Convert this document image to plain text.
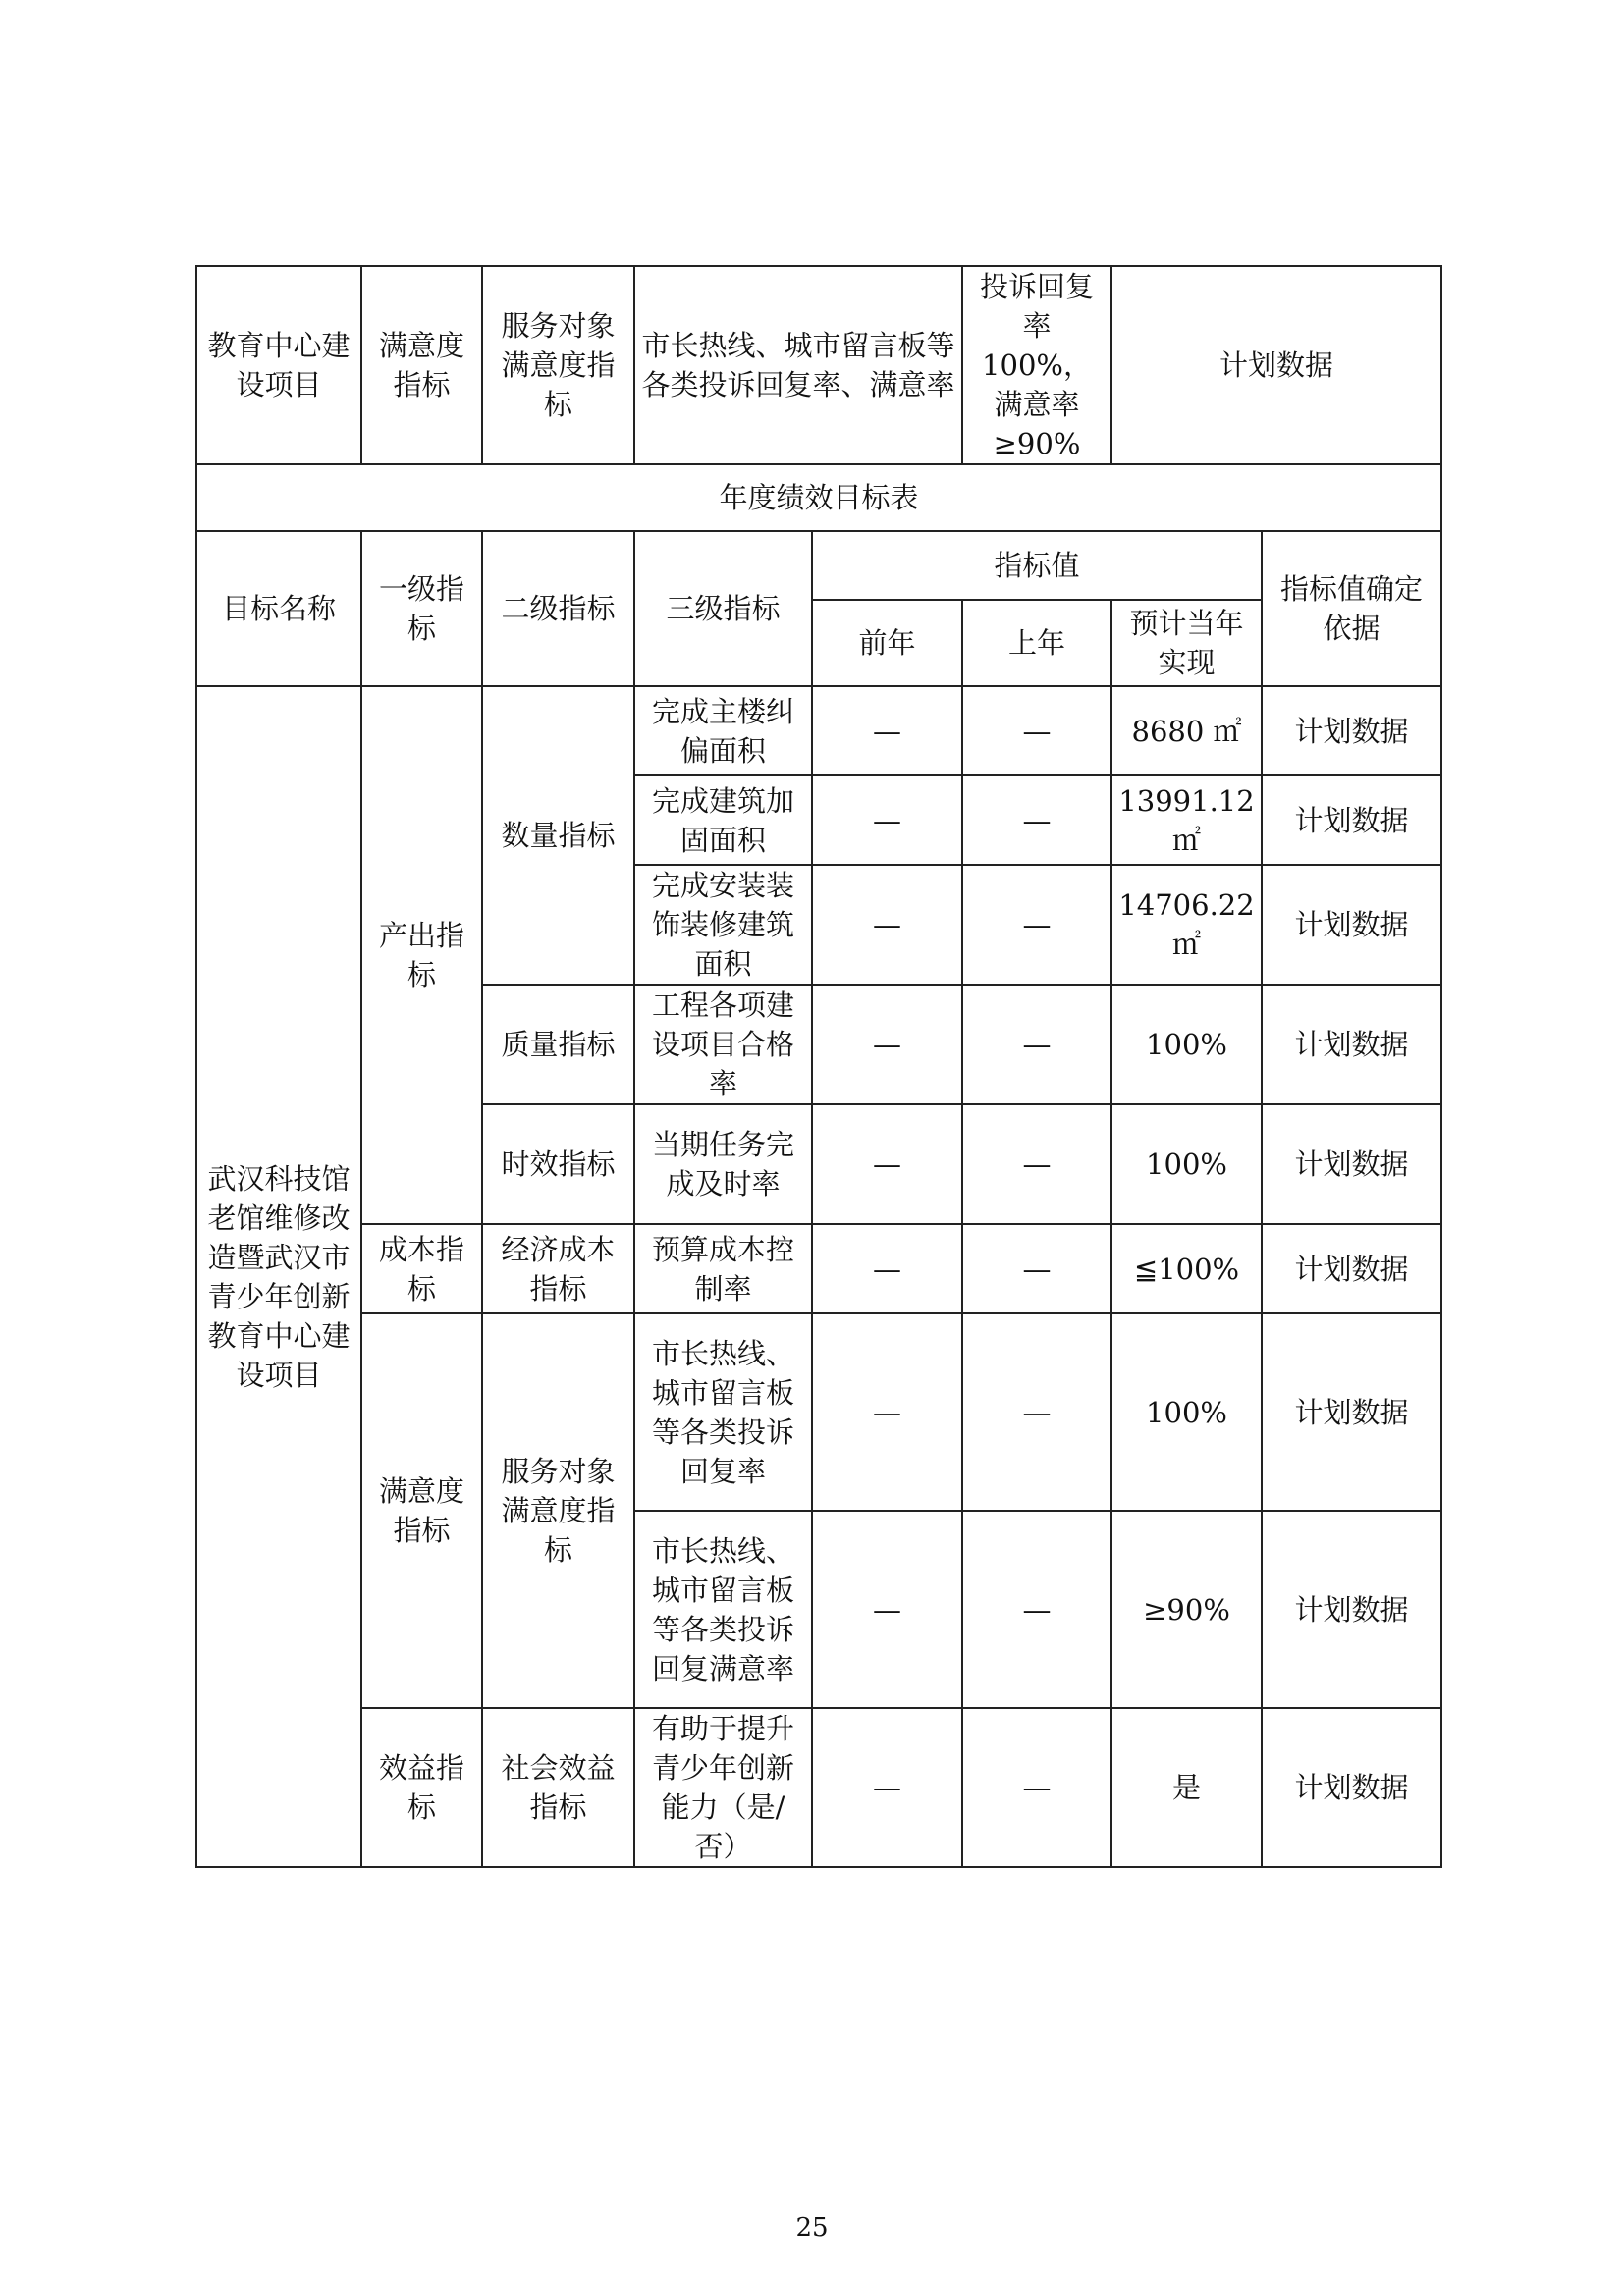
教育中心建设项目	满意度指标	服务对象满意度指标	市长热线、城市留言板等各类投诉回复率、满意率		投诉回复率100%，满意率≥90%	计划数据	
年度绩效目标表							
目标名称	一级指标	二级指标	三级指标	指标值			指标值确定依据
				前年	上年	预计当年实现	
武汉科技馆老馆维修改造暨武汉市青少年创新教育中心建设项目	产出指标	数量指标	完成主楼纠偏面积	—	—	8680 ㎡	计划数据
			完成建筑加固面积	—	—	13991.12 ㎡	计划数据
			完成安装装饰装修建筑面积	—	—	14706.22 ㎡	计划数据
		质量指标	工程各项建设项目合格率	—	—	100%	计划数据
		时效指标	当期任务完成及时率	—	—	100%	计划数据
	成本指标	经济成本指标	预算成本控制率	—	—	≦100%	计划数据
	满意度指标	服务对象满意度指标	市长热线、城市留言板等各类投诉回复率	—	—	100%	计划数据
			市长热线、城市留言板等各类投诉回复满意率	—	—	≥90%	计划数据
	效益指标	社会效益指标	有助于提升青少年创新能力（是/否）	—	—	是	计划数据
25
